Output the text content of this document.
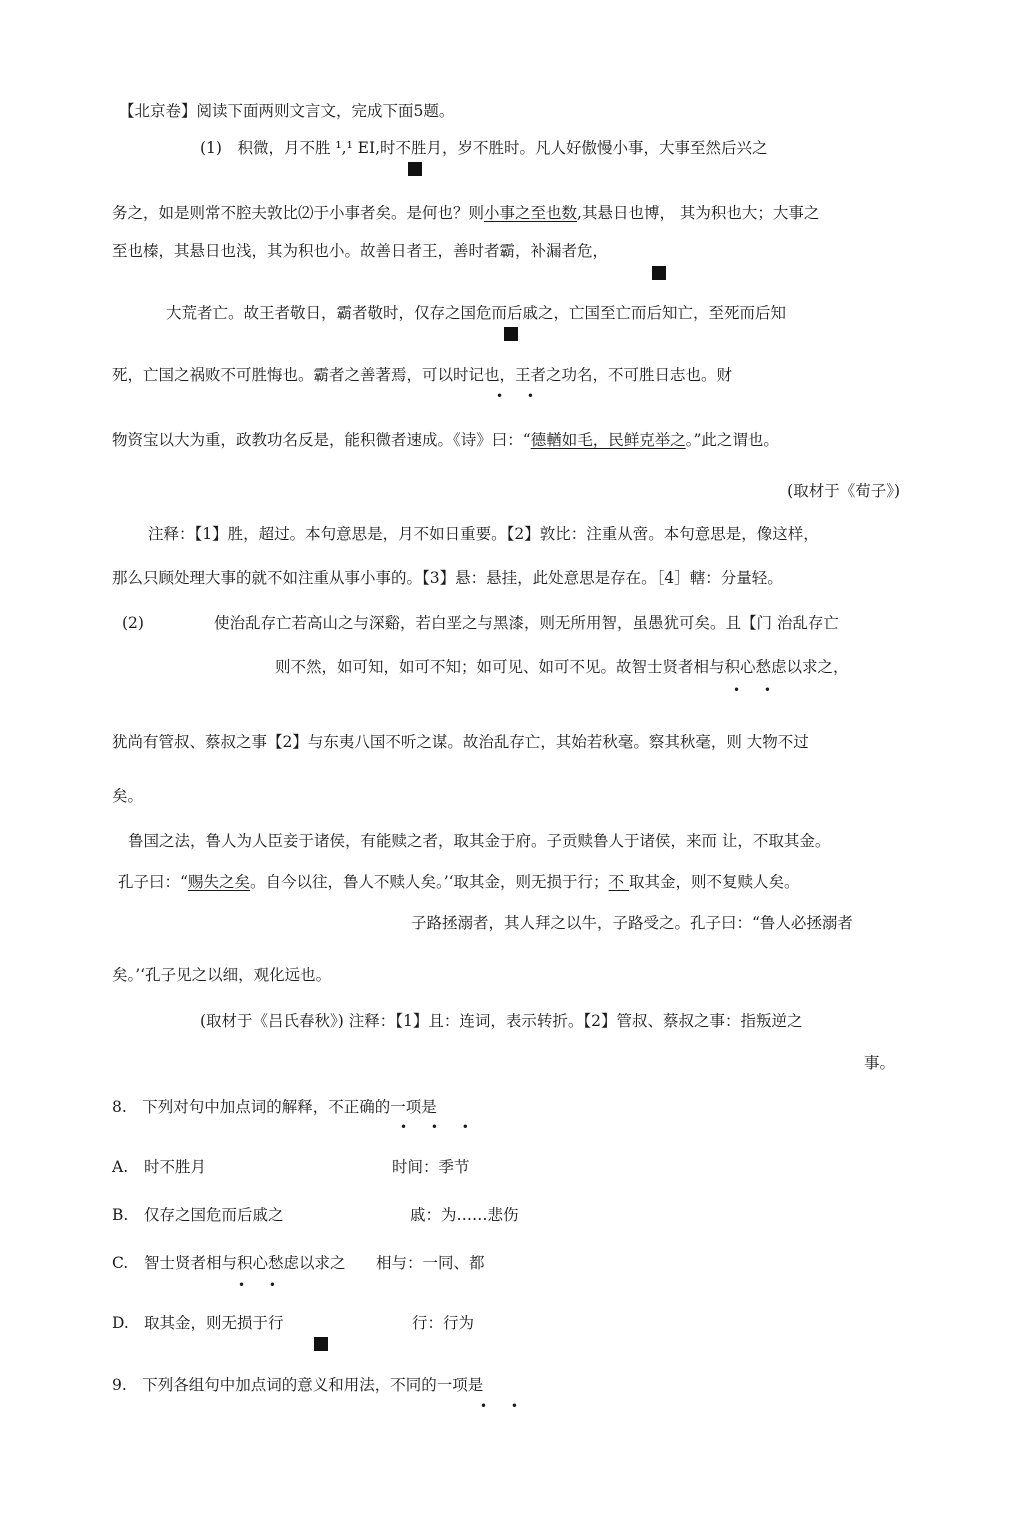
【北京卷】阅读下面两则文言文，完成下面5题。
(1)　积微，月不胜 ¹,¹ EI,时不胜月，岁不胜时。凡人好傲慢小事，大事至然后兴之
务之，如是则常不腔夫敦比⑵于小事者矣。是何也？则小事之至也数,其悬日也博， 其为积也大；大事之
至也榛，其悬日也浅，其为积也小。故善日者王，善时者霸，补漏者危，
大荒者亡。故王者敬日，霸者敬时，仅存之国危而后戚之，亡国至亡而后知亡，至死而后知
死，亡国之祸败不可胜悔也。霸者之善著焉，可以时记也，王者之功名，不可胜日志也。财
• •
物资宝以大为重，政教功名反是，能积微者速成。《诗》曰：“德輶如毛，民鲜克举之。”此之谓也。
(取材于《荀子》)
注释：【1】胜，超过。本句意思是，月不如日重要。【2】敦比：注重从啻。本句意思是，像这样，
那么只顾处理大事的就不如注重从事小事的。【3】悬：悬挂，此处意思是存在。［4］轄：分量轻。
(2)	使治乱存亡若高山之与深谿，若白垩之与黑漆，则无所用智，虽愚犹可矣。且【门 治乱存亡
则不然，如可知，如可不知；如可见、如可不见。故智士贤者相与积心愁虑以求之，
• •
犹尚有管叔、蔡叔之事【2】与东夷八国不听之谋。故治乱存亡，其始若秋毫。察其秋毫，则 大物不过
矣。
鲁国之法，鲁人为人臣妾于诸侯，有能赎之者，取其金于府。子贡赎鲁人于诸侯，来而 让，不取其金。
孔子曰：“赐失之矣。自今以往，鲁人不赎人矣。’‘取其金，则无损于行；不 取其金，则不复赎人矣。
子路拯溺者，其人拜之以牛，子路受之。孔子曰：“鲁人必拯溺者
矣。’‘孔子见之以细，观化远也。
(取材于《吕氏春秋》) 注释：【1】且：连词，表示转折。【2】管叔、蔡叔之事：指叛逆之
事。
8.　下列对句中加点词的解释，不正确的一项是
• • •
A. 时不胜月	时间：季节
B. 仅存之国危而后戚之	戚：为……悲伤
C. 智士贤者相与积心愁虑以求之 相与：一同、都
• •
D. 取其金，则无损于行	行：行为
9.　下列各组句中加点词的意义和用法，不同的一项是
• •
